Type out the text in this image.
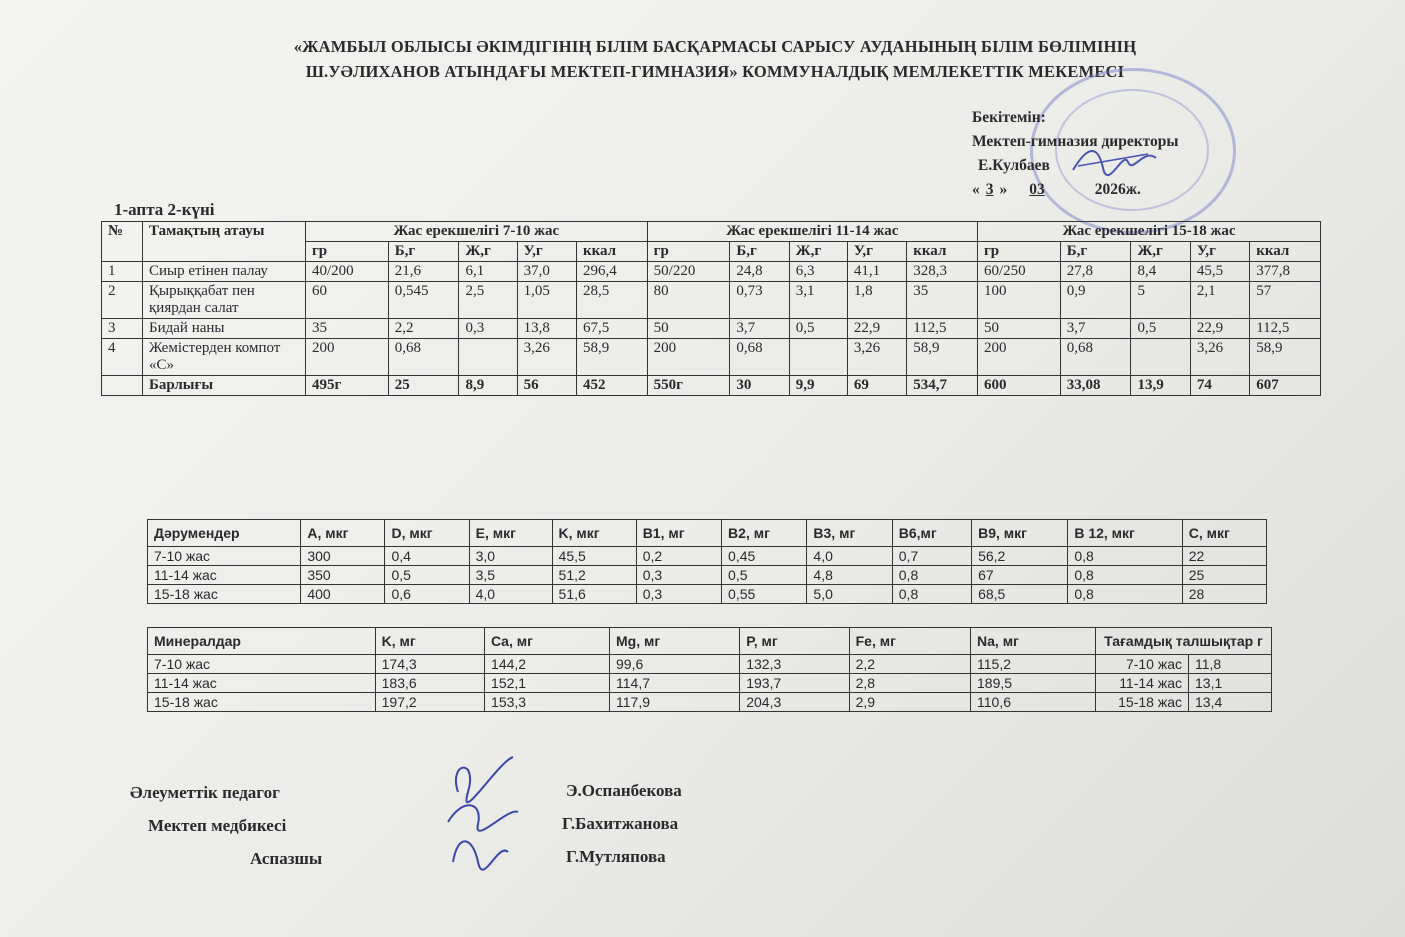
«ЖАМБЫЛ ОБЛЫСЫ ӘКІМДІГІНІҢ БІЛІМ БАСҚАРМАСЫ САРЫСУ АУДАНЫНЫҢ БІЛІМ БӨЛІМІНІҢ
Ш.УӘЛИХАНОВ АТЫНДАҒЫ МЕКТЕП-ГИМНАЗИЯ» КОММУНАЛДЫҚ МЕМЛЕКЕТТІК МЕКЕМЕСІ
Бекітемін:
Мектеп-гимназия директоры
Е.Кулбаев
« 3 » 03	2026ж.
1-апта 2-күні
№	Тамақтың атауы	Жас ерекшелігі 7-10 жас					Жас ерекшелігі 11-14 жас					Жас ерекшелігі 15-18 жас				
		гр	Б,г	Ж,г	У,г	ккал	гр	Б,г	Ж,г	У,г	ккал	гр	Б,г	Ж,г	У,г	ккал
1	Сиыр етінен палау	40/200	21,6	6,1	37,0	296,4	50/220	24,8	6,3	41,1	328,3	60/250	27,8	8,4	45,5	377,8
2	Қырыққабат пен қиярдан салат	60	0,545	2,5	1,05	28,5	80	0,73	3,1	1,8	35	100	0,9	5	2,1	57
3	Бидай наны	35	2,2	0,3	13,8	67,5	50	3,7	0,5	22,9	112,5	50	3,7	0,5	22,9	112,5
4	Жемістерден компот «С»	200	0,68		3,26	58,9	200	0,68		3,26	58,9	200	0,68		3,26	58,9
	Барлығы	495г	25	8,9	56	452	550г	30	9,9	69	534,7	600	33,08	13,9	74	607
Дәрумендер	A, мкг	D, мкг	E, мкг	K, мкг	B1, мг	B2, мг	B3, мг	B6,мг	B9, мкг	B 12, мкг	C, мкг
7-10 жас	300	0,4	3,0	45,5	0,2	0,45	4,0	0,7	56,2	0,8	22
11-14 жас	350	0,5	3,5	51,2	0,3	0,5	4,8	0,8	67	0,8	25
15-18 жас	400	0,6	4,0	51,6	0,3	0,55	5,0	0,8	68,5	0,8	28
Минералдар	K, мг	Ca, мг	Mg, мг	P, мг	Fe, мг	Na, мг	Тағамдық талшықтар г	
7-10 жас	174,3	144,2	99,6	132,3	2,2	115,2	7-10 жас	11,8
11-14 жас	183,6	152,1	114,7	193,7	2,8	189,5	11-14 жас	13,1
15-18 жас	197,2	153,3	117,9	204,3	2,9	110,6	15-18 жас	13,4
Әлеуметтік педагог
Мектеп медбикесі
Аспазшы
Э.Оспанбекова
Г.Бахитжанова
Г.Мутляпова
